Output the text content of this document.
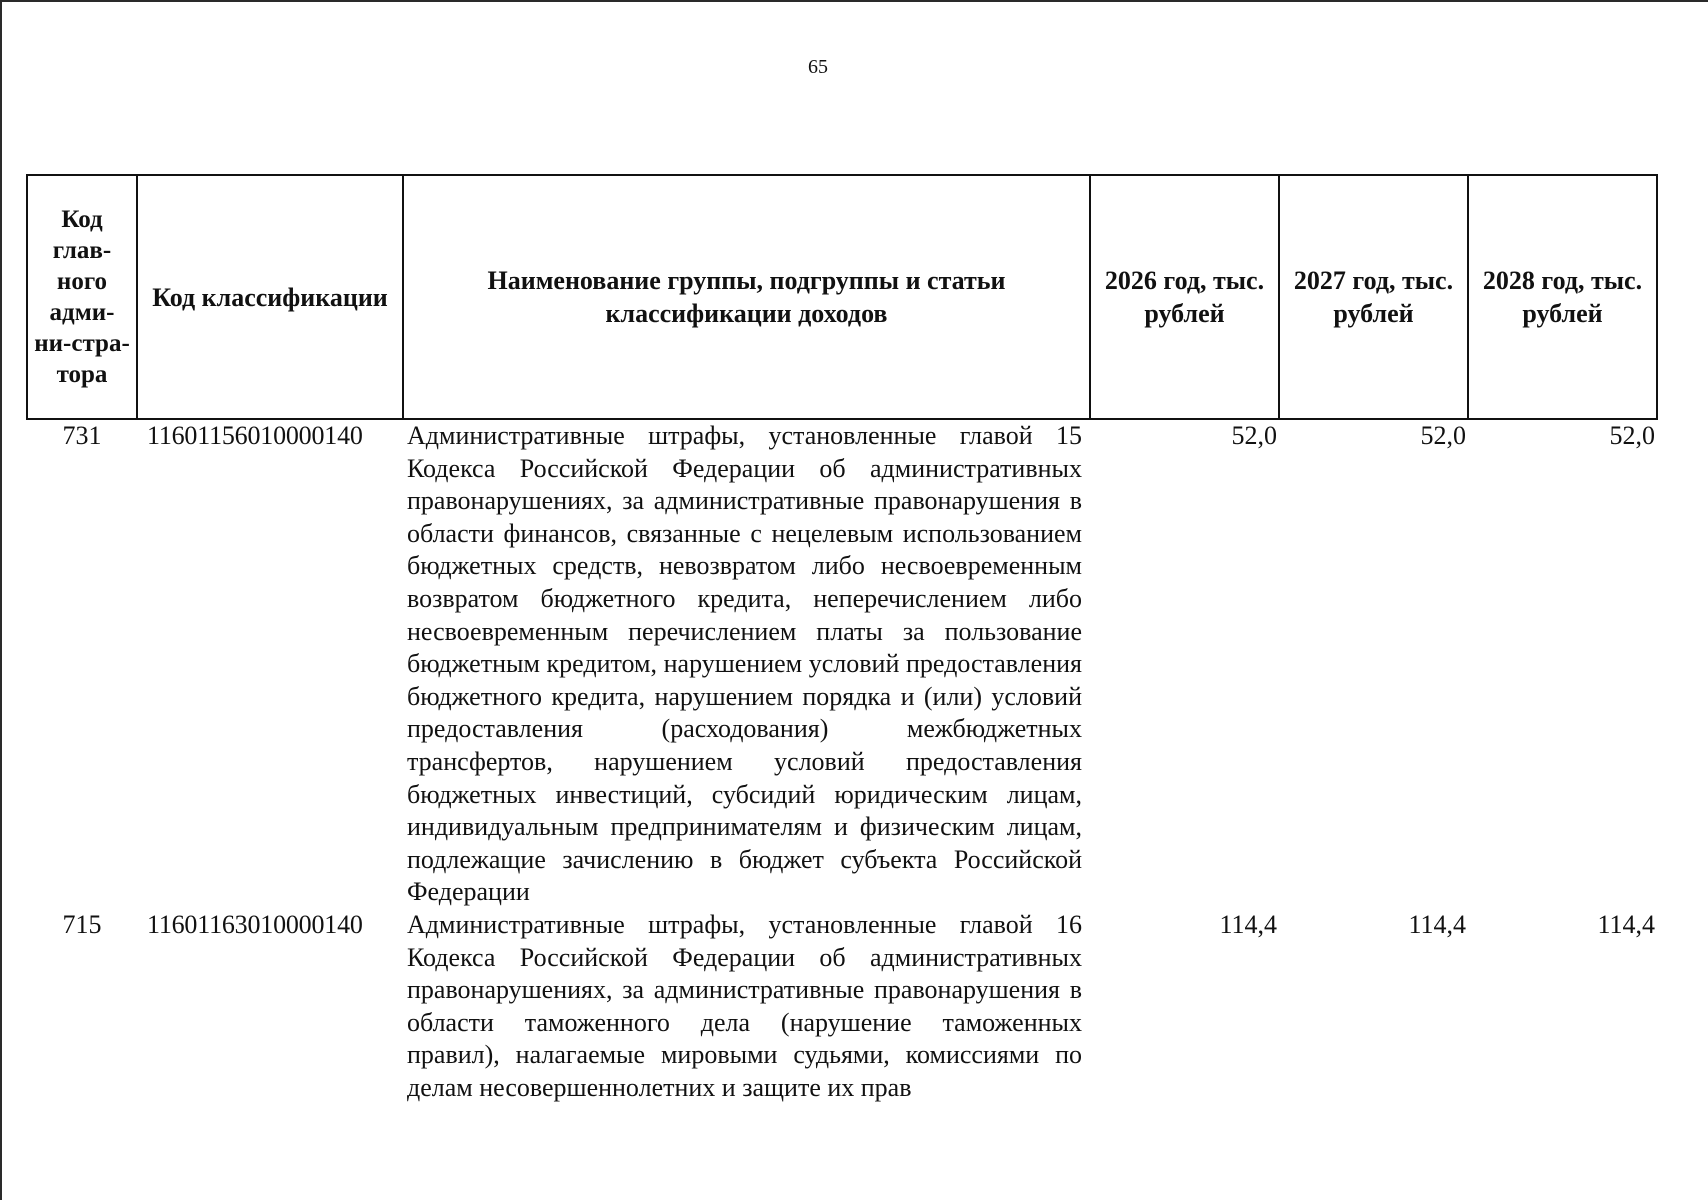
65
Код глав-ного адми-ни-стра-тора	Код классификации	Наименование группы, подгруппы и статьи классификации доходов	2026 год, тыс. рублей	2027 год, тыс. рублей	2028 год, тыс. рублей
731	11601156010000140	Административные штрафы, установленные главой 15 Кодекса Российской Федерации об административных правонарушениях, за административные правонарушения в области финансов, связанные с нецелевым использованием бюджетных средств, невозвратом либо несвоевременным возвратом бюджетного кредита, неперечислением либо несвоевременным перечислением платы за пользование бюджетным кредитом, нарушением условий предоставления бюджетного кредита, нарушением порядка и (или) условий предоставления (расходования) межбюджетных трансфертов, нарушением условий предоставления бюджетных инвестиций, субсидий юридическим лицам, индивидуальным предпринимателям и физическим лицам, подлежащие зачислению в бюджет субъекта Российской Федерации	52,0	52,0	52,0
715	11601163010000140	Административные штрафы, установленные главой 16 Кодекса Российской Федерации об административных правонарушениях, за административные правонарушения в области таможенного дела (нарушение таможенных правил), налагаемые мировыми судьями, комиссиями по делам несовершеннолетних и защите их прав	114,4	114,4	114,4
